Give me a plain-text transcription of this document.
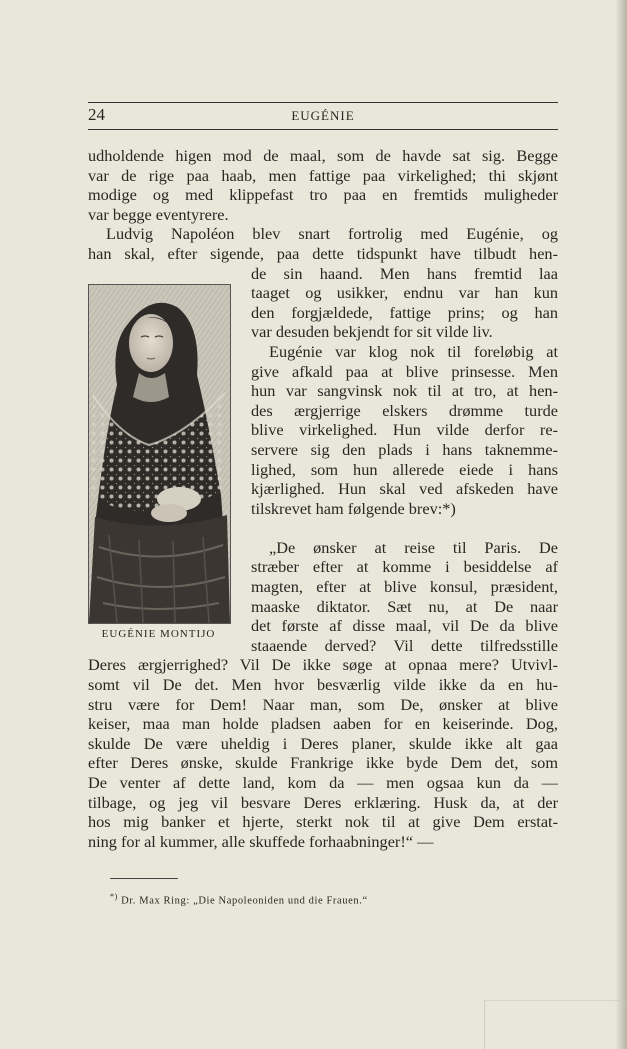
24	EUGÉNIE
udholdende higen mod de maal, som de havde sat sig. Begge
var de rige paa haab, men fattige paa virkelighed; thi skjønt
modige og med klippefast tro paa en fremtids muligheder
var begge eventyrere.
Ludvig Napoléon blev snart fortrolig med Eugénie, og
han skal, efter sigende, paa dette tidspunkt have tilbudt hen-
de sin haand. Men hans fremtid laa
taaget og usikker, endnu var han kun
den forgjældede, fattige prins; og han
var desuden bekjendt for sit vilde liv.
Eugénie var klog nok til foreløbig at
give afkald paa at blive prinsesse. Men
hun var sangvinsk nok til at tro, at hen-
des ærgjerrige elskers drømme turde
blive virkelighed. Hun vilde derfor re-
servere sig den plads i hans taknemme-
lighed, som hun allerede eiede i hans
kjærlighed. Hun skal ved afskeden have
tilskrevet ham følgende brev:*)
„De ønsker at reise til Paris. De
stræber efter at komme i besiddelse af
magten, efter at blive konsul, præsident,
maaske diktator. Sæt nu, at De naar
det første af disse maal, vil De da blive
staaende derved? Vil dette tilfredsstille
Deres ærgjerrighed? Vil De ikke søge at opnaa mere? Utvivl-
somt vil De det. Men hvor besværlig vilde ikke da en hu-
stru være for Dem! Naar man, som De, ønsker at blive
keiser, maa man holde pladsen aaben for en keiserinde. Dog,
skulde De være uheldig i Deres planer, skulde ikke alt gaa
efter Deres ønske, skulde Frankrige ikke byde Dem det, som
De venter af dette land, kom da — men ogsaa kun da —
tilbage, og jeg vil besvare Deres erklæring. Husk da, at der
hos mig banker et hjerte, sterkt nok til at give Dem erstat-
ning for al kummer, alle skuffede forhaabninger!“ —
EUGÉNIE MONTIJO
*) Dr. Max Ring: „Die Napoleoniden und die Frauen.“
